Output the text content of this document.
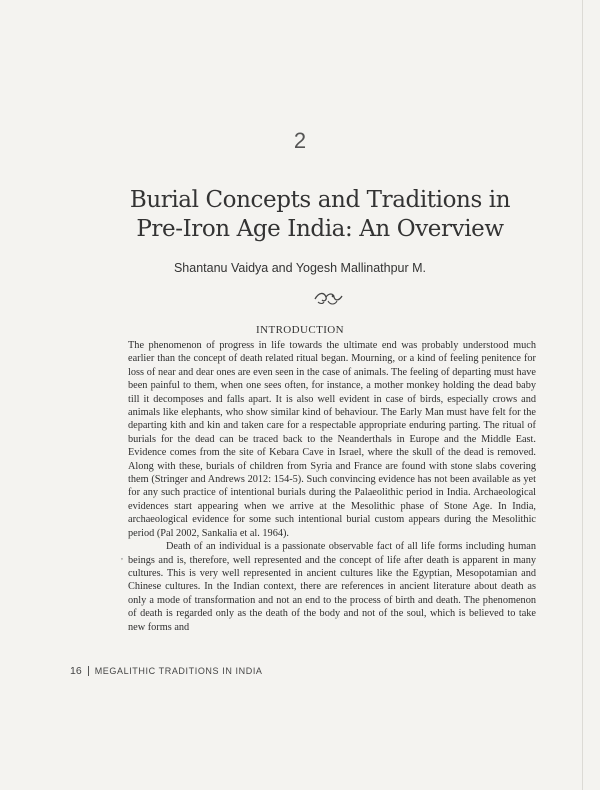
2
Burial Concepts and Traditions in
Pre-Iron Age India: An Overview
Shantanu Vaidya and Yogesh Mallinathpur M.
INTRODUCTION

The phenomenon of progress in life towards the ultimate end was probably understood much earlier than the concept of death related ritual began. Mourning, or a kind of feeling penitence for loss of near and dear ones are even seen in the case of animals. The feeling of departing must have been painful to them, when one sees often, for instance, a mother monkey holding the dead baby till it decomposes and falls apart. It is also well evident in case of birds, especially crows and animals like elephants, who show similar kind of behaviour. The Early Man must have felt for the departing kith and kin and taken care for a respectable appropriate enduring parting. The ritual of burials for the dead can be traced back to the Neanderthals in Europe and the Middle East. Evidence comes from the site of Kebara Cave in Israel, where the skull of the dead is removed. Along with these, burials of children from Syria and France are found with stone slabs covering them (Stringer and Andrews 2012: 154-5). Such convincing evidence has not been available as yet for any such practice of intentional burials during the Palaeolithic period in India. Archaeological evidences start appearing when we arrive at the Mesolithic phase of Stone Age. In India, archaeological evidence for some such intentional burial custom appears during the Mesolithic period (Pal 2002, Sankalia et al. 1964).

Death of an individual is a passionate observable fact of all life forms including human beings and is, therefore, well represented and the concept of life after death is apparent in many cultures. This is very well represented in ancient cultures like the Egyptian, Mesopotamian and Chinese cultures. In the Indian context, there are references in ancient literature about death as only a mode of transformation and not an end to the process of birth and death. The phenomenon of death is regarded only as the death of the body and not of the soul, which is believed to take new forms and

,
16 MEGALITHIC TRADITIONS IN INDIA
